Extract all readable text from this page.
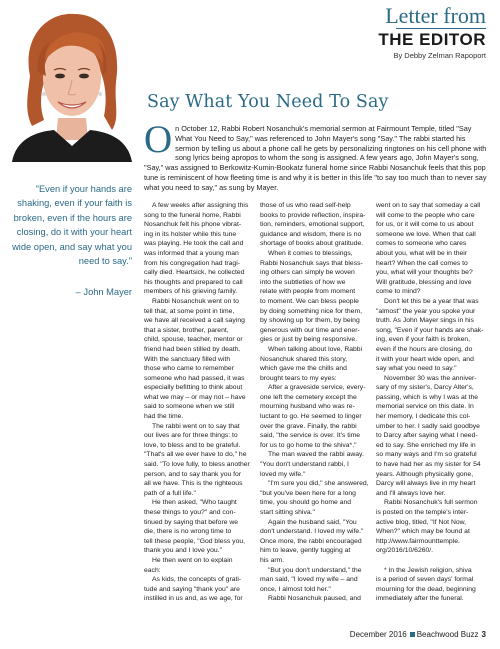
Letter from
THE EDITOR
By Debby Zelman Rapoport
Say What You Need To Say
On October 12, Rabbi Robert Nosanchuk's memorial sermon at Fairmount Temple, titled "Say What You Need to Say," was referenced to John Mayer's song "Say." The rabbi started his sermon by telling us about a phone call he gets by personalizing ringtones on his cell phone with song lyrics being apropos to whom the song is assigned. A few years ago, John Mayer's song, "Say," was assigned to Berkowitz-Kumin-Bookatz funeral home since Rabbi Nosanchuk feels that this pop tune is reminiscent of how fleeting time is and why it is better in this life "to say too much than to never say what you need to say," as sung by Mayer.
"Even if your hands are shaking, even if your faith is broken, even if the hours are closing, do it with your heart wide open, and say what you need to say."
– John Mayer

A few weeks after assigning this
song to the funeral home, Rabbi
Nosanchuk felt his phone vibrat-
ing in its holster while this tune
was playing. He took the call and
was informed that a young man
from his congregation had tragi-
cally died. Heartsick, he collected
his thoughts and prepared to call
members of his grieving family.

Rabbi Nosanchuk went on to
tell that, at some point in time,
we have all received a call saying
that a sister, brother, parent,
child, spouse, teacher, mentor or
friend had been stilled by death.
With the sanctuary filled with
those who came to remember
someone who had passed, it was
especially befitting to think about
what we may – or may not – have
said to someone when we still
had the time.

The rabbi went on to say that
our lives are for three things: to
love, to bless and to be grateful.
"That's all we ever have to do," he
said. "To love fully, to bless another
person, and to say thank you for
all we have. This is the righteous
path of a full life."

He then asked, "Who taught
these things to you?" and con-
tinued by saying that before we
die, there is no wrong time to
tell these people, "God bless you,
thank you and I love you."

He then went on to explain
each:

As kids, the concepts of grati-
tude and saying "thank you" are
instilled in us and, as we age, for

those of us who read self-help
books to provide reflection, inspira-
tion, reminders, emotional support,
guidance and wisdom, there is no
shortage of books about gratitude.

When it comes to blessings,
Rabbi Nosanchuk says that bless-
ing others can simply be woven
into the subtleties of how we
relate with people from moment
to moment. We can bless people
by doing something nice for them,
by showing up for them, by being
generous with our time and ener-
gies or just by being responsive.

When talking about love, Rabbi
Nosanchuk shared this story,
which gave me the chills and
brought tears to my eyes:

After a graveside service, every-
one left the cemetery except the
mourning husband who was re-
luctant to go. He seemed to linger
over the grave. Finally, the rabbi
said, "the service is over. It's time
for us to go home to the shiva*."

The man waved the rabbi away.
"You don't understand rabbi, I
loved my wife."

"I'm sure you did," she answered,
"but you've been here for a long
time, you should go home and
start sitting shiva."

Again the husband said, "You
don't understand. I loved my wife."
Once more, the rabbi encouraged
him to leave, gently tugging at
his arm.

"But you don't understand," the
man said, "I loved my wife – and
once, I almost told her."

Rabbi Nosanchuk paused, and

went on to say that someday a call
will come to the people who care
for us, or it will come to us about
someone we love. When that call
comes to someone who cares
about you, what will be in their
heart? When the call comes to
you, what will your thoughts be?
Will gratitude, blessing and love
come to mind?

Don't let this be a year that was
"almost" the year you spoke your
truth. As John Mayer sings in his
song, "Even if your hands are shak-
ing, even if your faith is broken,
even if the hours are closing, do
it with your heart wide open, and
say what you need to say."

November 30 was the anniver-
sary of my sister's, Darcy Alter's,
passing, which is why I was at the
memorial service on this date. In
her memory, I dedicate this col-
umber to her. I sadly said goodbye
to Darcy after saying what I need-
ed to say. She enriched my life in
so many ways and I'm so grateful
to have had her as my sister for 54
years. Although physically gone,
Darcy will always live in my heart
and I'll always love her.

Rabbi Nosanchuk's full sermon
is posted on the temple's inter-
active blog, titled, "If Not Now,
When?" which may be found at
http://www.fairmounttemple.
org/2016/10/6260/.

* In the Jewish religion, shiva
is a period of seven days' formal
mourning for the dead, beginning
immediately after the funeral.

December 2016 Beachwood Buzz 3
